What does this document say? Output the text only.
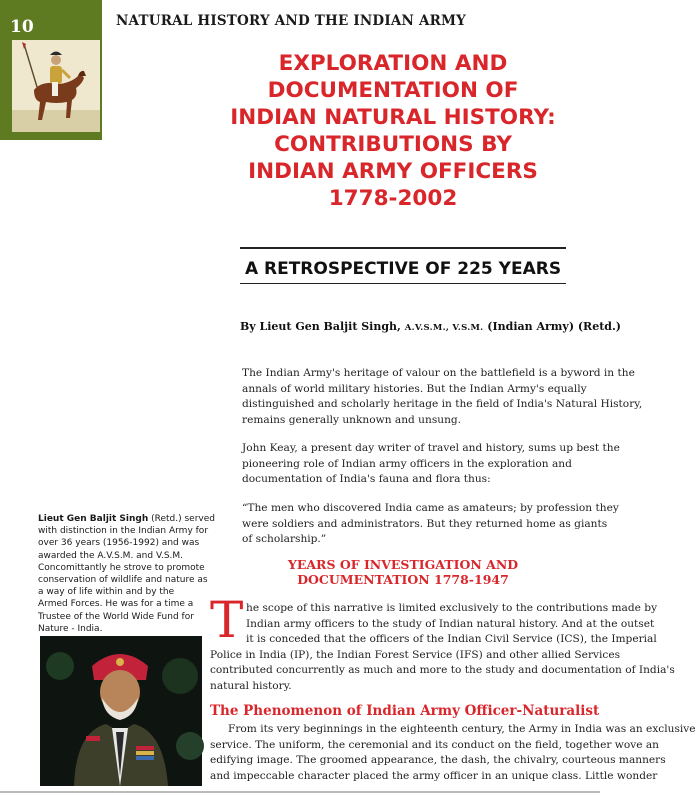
10	NATURAL HISTORY AND THE INDIAN ARMY
EXPLORATION AND
DOCUMENTATION OF
INDIAN NATURAL HISTORY:
CONTRIBUTIONS BY
INDIAN ARMY OFFICERS
1778-2002
A RETROSPECTIVE OF 225 YEARS
By Lieut Gen Baljit Singh, A.V.S.M., V.S.M. (Indian Army) (Retd.)
The Indian Army's heritage of valour on the battlefield is a byword in the
annals of world military histories. But the Indian Army's equally
distinguished and scholarly heritage in the field of India's Natural History,
remains generally unknown and unsung.
John Keay, a present day writer of travel and history, sums up best the
pioneering role of Indian army officers in the exploration and
documentation of India's fauna and flora thus:
“The men who discovered India came as amateurs; by profession they
were soldiers and administrators. But they returned home as giants
of scholarship.”
YEARS OF INVESTIGATION AND
DOCUMENTATION 1778-1947
T he scope of this narrative is limited exclusively to the contributions made by
Indian army officers to the study of Indian natural history. And at the outset
it is conceded that the officers of the Indian Civil Service (ICS), the Imperial
Police in India (IP), the Indian Forest Service (IFS) and other allied Services
contributed concurrently as much and more to the study and documentation of India's
natural history.
The Phenomenon of Indian Army Officer-Naturalist
From its very beginnings in the eighteenth century, the Army in India was an exclusive
service. The uniform, the ceremonial and its conduct on the field, together wove an
edifying image. The groomed appearance, the dash, the chivalry, courteous manners
and impeccable character placed the army officer in an unique class. Little wonder
Lieut Gen Baljit Singh (Retd.) served
with distinction in the Indian Army for
over 36 years (1956-1992) and was
awarded the A.V.S.M. and V.S.M.
Concomittantly he strove to promote
conservation of wildlife and nature as
a way of life within and by the
Armed Forces. He was for a time a
Trustee of the World Wide Fund for
Nature - India.
